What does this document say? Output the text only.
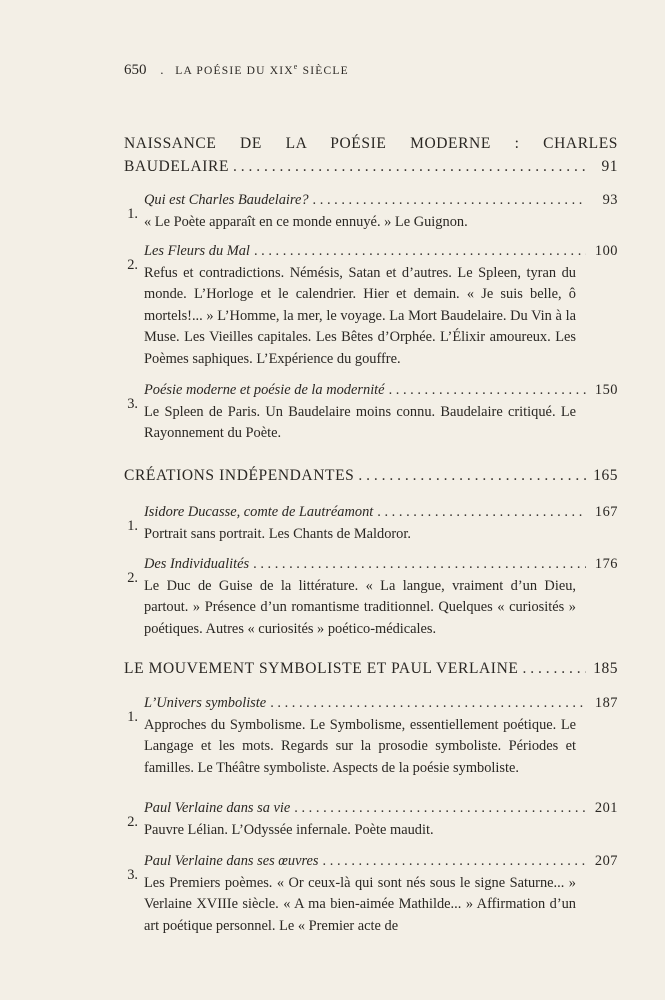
650 . LA POÉSIE DU XIXe SIÈCLE
NAISSANCE DE LA POÉSIE MODERNE : CHARLES
BAUDELAIRE . . .	91
1.
Qui est Charles Baudelaire? . . .	93
« Le Poète apparaît en ce monde ennuyé. » Le Guignon.
2.
Les Fleurs du Mal . . .	100
Refus et contradictions. Némésis, Satan et d’autres. Le Spleen, tyran du monde. L’Horloge et le calendrier. Hier et demain. « Je suis belle, ô mortels!... » L’Homme, la mer, le voyage. La Mort Baudelaire. Du Vin à la Muse. Les Vieilles capitales. Les Bêtes d’Orphée. L’Élixir amoureux. Les Poèmes saphiques. L’Expérience du gouffre.
3.
Poésie moderne et poésie de la modernité . . .	150
Le Spleen de Paris. Un Baudelaire moins connu. Baudelaire critiqué. Le Rayonnement du Poète.
CRÉATIONS INDÉPENDANTES . . .	165
1.
Isidore Ducasse, comte de Lautréamont . . .	167
Portrait sans portrait. Les Chants de Maldoror.
2.
Des Individualités . . .	176
Le Duc de Guise de la littérature. « La langue, vraiment d’un Dieu, partout. » Présence d’un romantisme traditionnel. Quelques « curiosités » poétiques. Autres « curiosités » poético-médicales.
LE MOUVEMENT SYMBOLISTE ET PAUL VERLAINE . . .	185
1.
L’Univers symboliste . . .	187
Approches du Symbolisme. Le Symbolisme, essentiellement poétique. Le Langage et les mots. Regards sur la prosodie symboliste. Périodes et familles. Le Théâtre symboliste. Aspects de la poésie symboliste.
2.
Paul Verlaine dans sa vie . . .	201
Pauvre Lélian. L’Odyssée infernale. Poète maudit.
3.
Paul Verlaine dans ses œuvres . . .	207
Les Premiers poèmes. « Or ceux-là qui sont nés sous le signe Saturne... » Verlaine XVIIIe siècle. « A ma bien-aimée Mathilde... » Affirmation d’un art poétique personnel. Le « Premier acte de
